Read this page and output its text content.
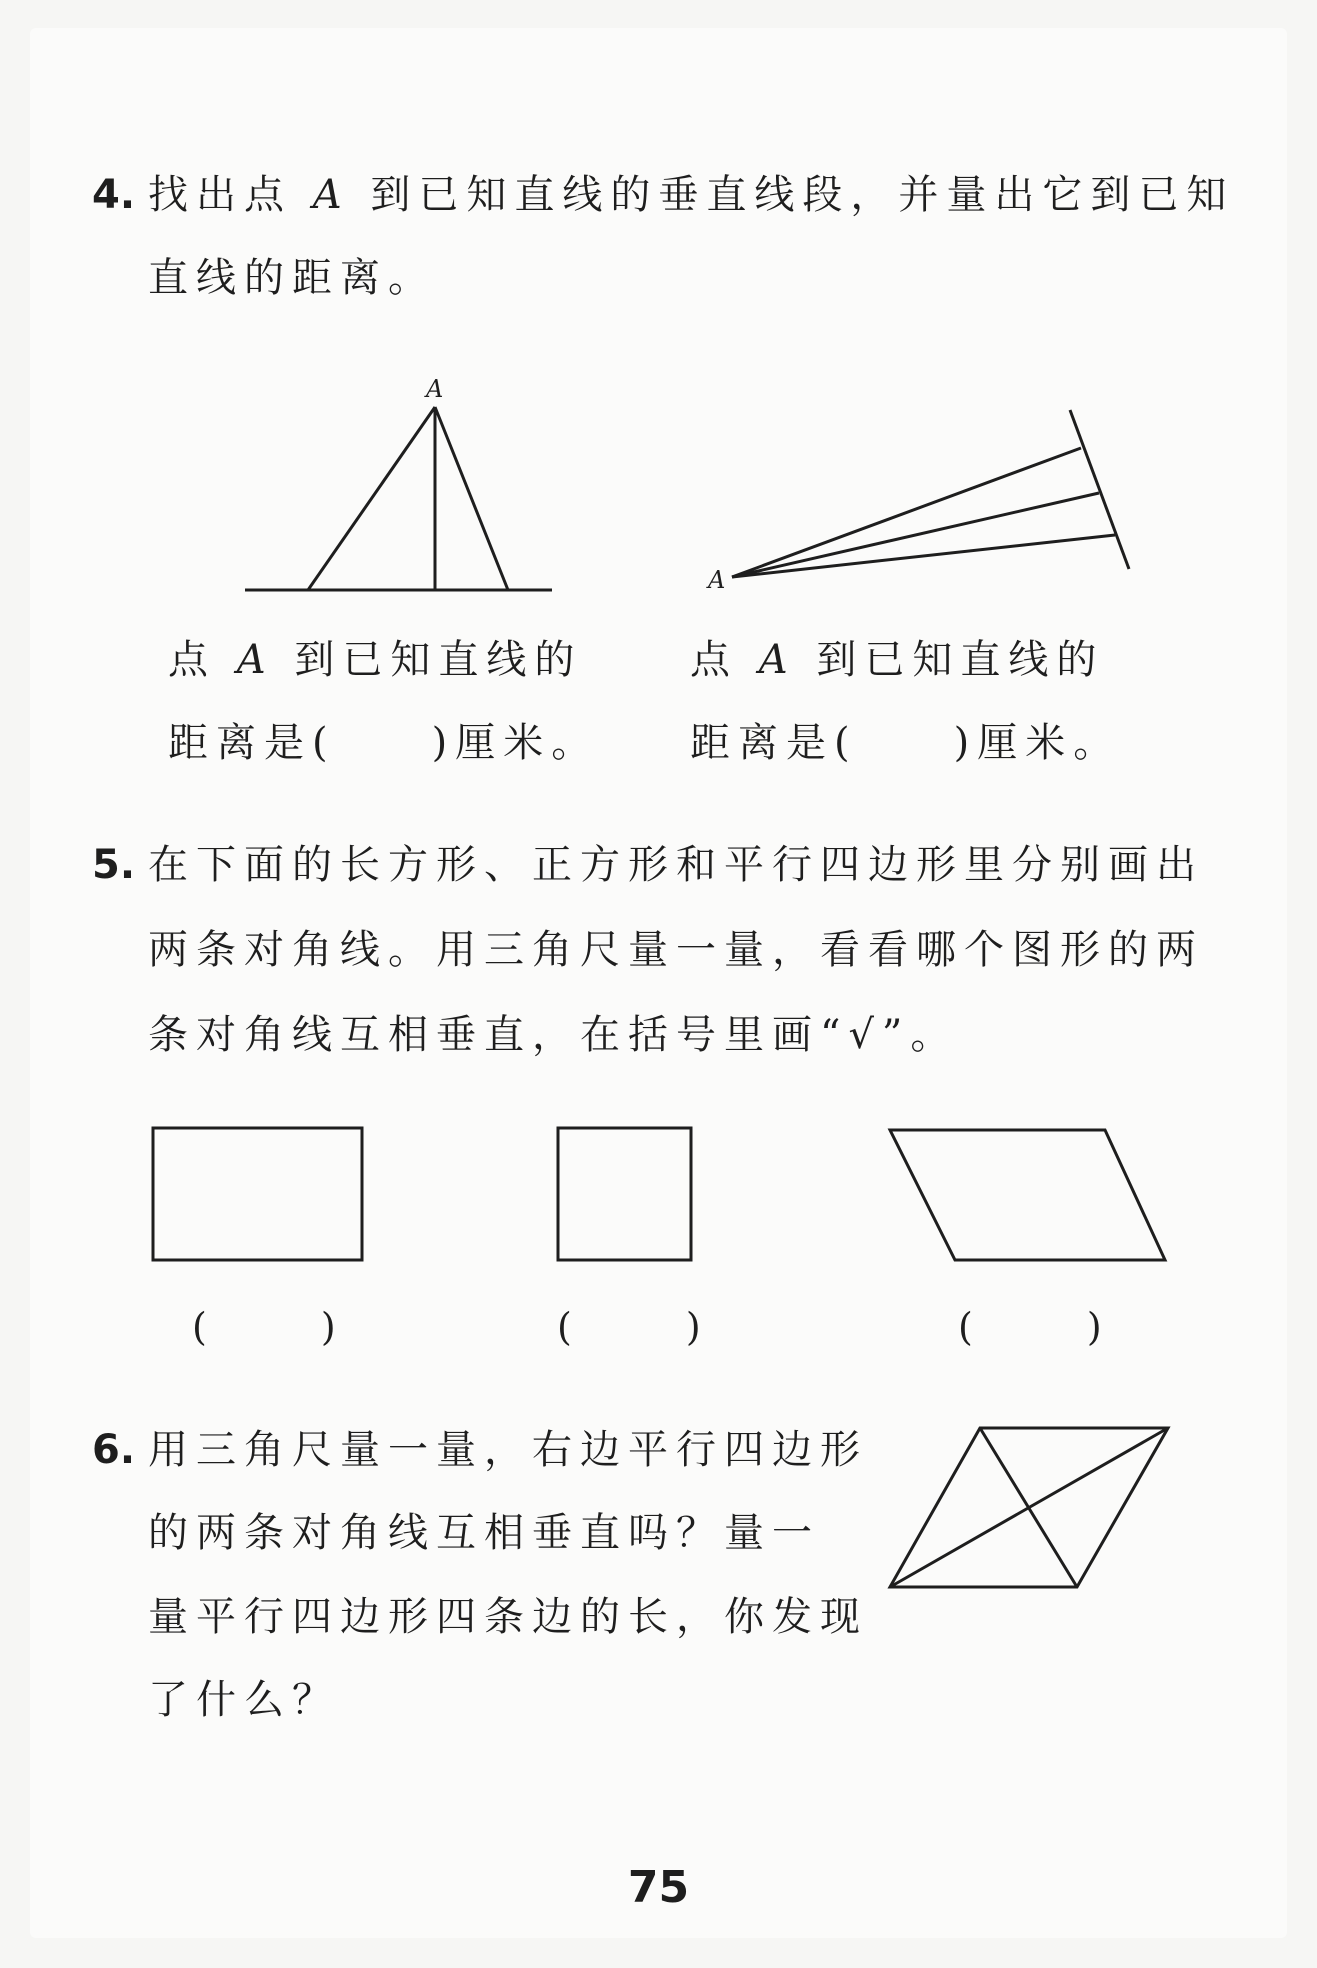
4. 找出点 A 到已知直线的垂直线段，并量出它到已知
直线的距离。
A
A
点 A 到已知直线的
距离是(　　)厘米。
点 A 到已知直线的
距离是(　　)厘米。
5. 在下面的长方形、正方形和平行四边形里分别画出
两条对角线。用三角尺量一量，看看哪个图形的两
条对角线互相垂直，在括号里画“√”。
(　　　)	(　　　)	(　　　)
6. 用三角尺量一量，右边平行四边形
的两条对角线互相垂直吗？量一
量平行四边形四条边的长，你发现
了什么？
75
